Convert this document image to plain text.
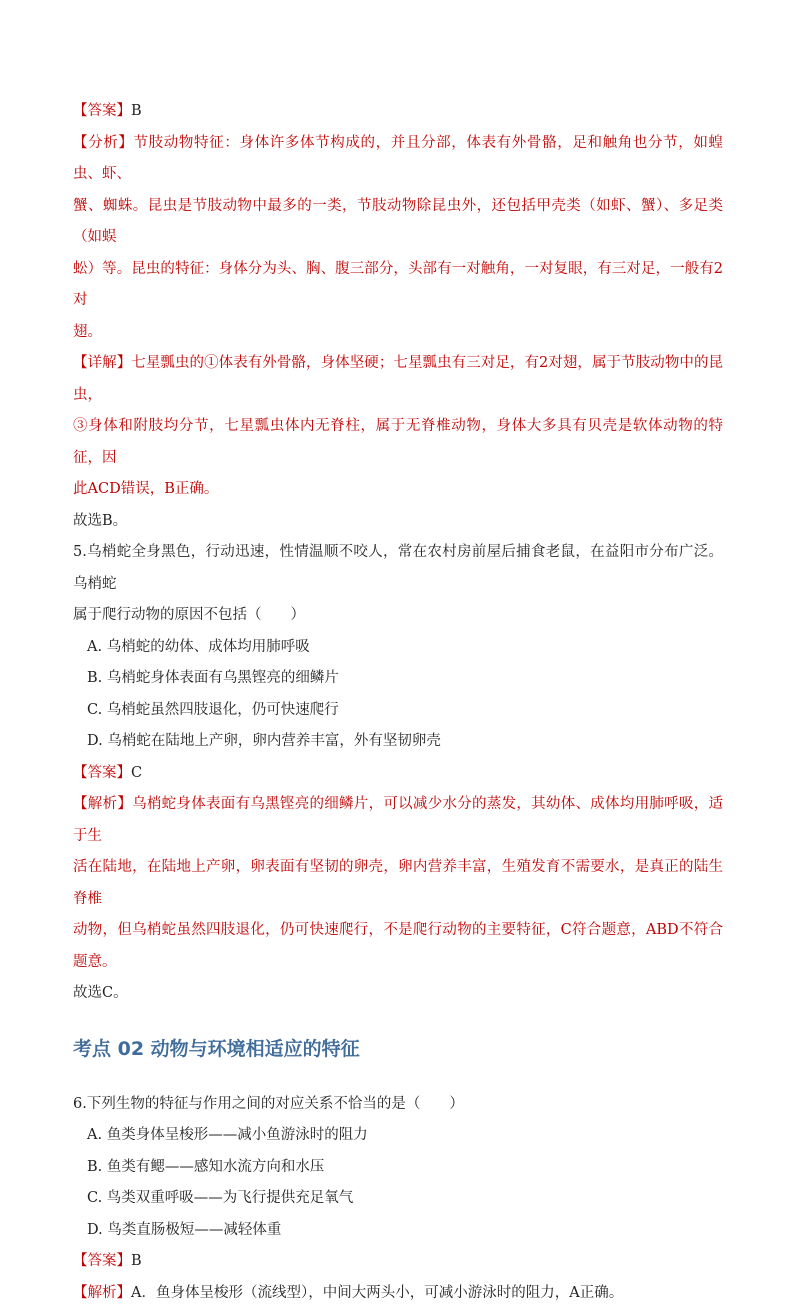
【答案】B

【分析】节肢动物特征：身体许多体节构成的，并且分部，体表有外骨骼，足和触角也分节，如蝗虫、虾、
蟹、蜘蛛。昆虫是节肢动物中最多的一类，节肢动物除昆虫外，还包括甲壳类（如虾、蟹）、多足类（如蜈
蚣）等。昆虫的特征：身体分为头、胸、腹三部分，头部有一对触角，一对复眼，有三对足，一般有2对
翅。

【详解】七星瓢虫的①体表有外骨骼，身体坚硬；七星瓢虫有三对足，有2对翅，属于节肢动物中的昆虫，
③身体和附肢均分节，七星瓢虫体内无脊柱，属于无脊椎动物，身体大多具有贝壳是软体动物的特征，因
此ACD错误，B正确。

故选B。

5.乌梢蛇全身黑色，行动迅速，性情温顺不咬人，常在农村房前屋后捕食老鼠，在益阳市分布广泛。乌梢蛇
属于爬行动物的原因不包括（　　）

A. 乌梢蛇的幼体、成体均用肺呼吸

B. 乌梢蛇身体表面有乌黑铿亮的细鳞片

C. 乌梢蛇虽然四肢退化，仍可快速爬行

D. 乌梢蛇在陆地上产卵，卵内营养丰富，外有坚韧卵壳

【答案】C

【解析】乌梢蛇身体表面有乌黑铿亮的细鳞片，可以减少水分的蒸发，其幼体、成体均用肺呼吸，适于生
活在陆地，在陆地上产卵，卵表面有坚韧的卵壳，卵内营养丰富，生殖发育不需要水，是真正的陆生脊椎
动物，但乌梢蛇虽然四肢退化，仍可快速爬行，不是爬行动物的主要特征，C符合题意，ABD不符合题意。

故选C。

考点 02 动物与环境相适应的特征

6.下列生物的特征与作用之间的对应关系不恰当的是（　　）

A. 鱼类身体呈梭形——减小鱼游泳时的阻力

B. 鱼类有鳃——感知水流方向和水压

C. 鸟类双重呼吸——为飞行提供充足氧气

D. 鸟类直肠极短——减轻体重

【答案】B

【解析】A．鱼身体呈梭形（流线型），中间大两头小，可减小游泳时的阻力，A正确。
